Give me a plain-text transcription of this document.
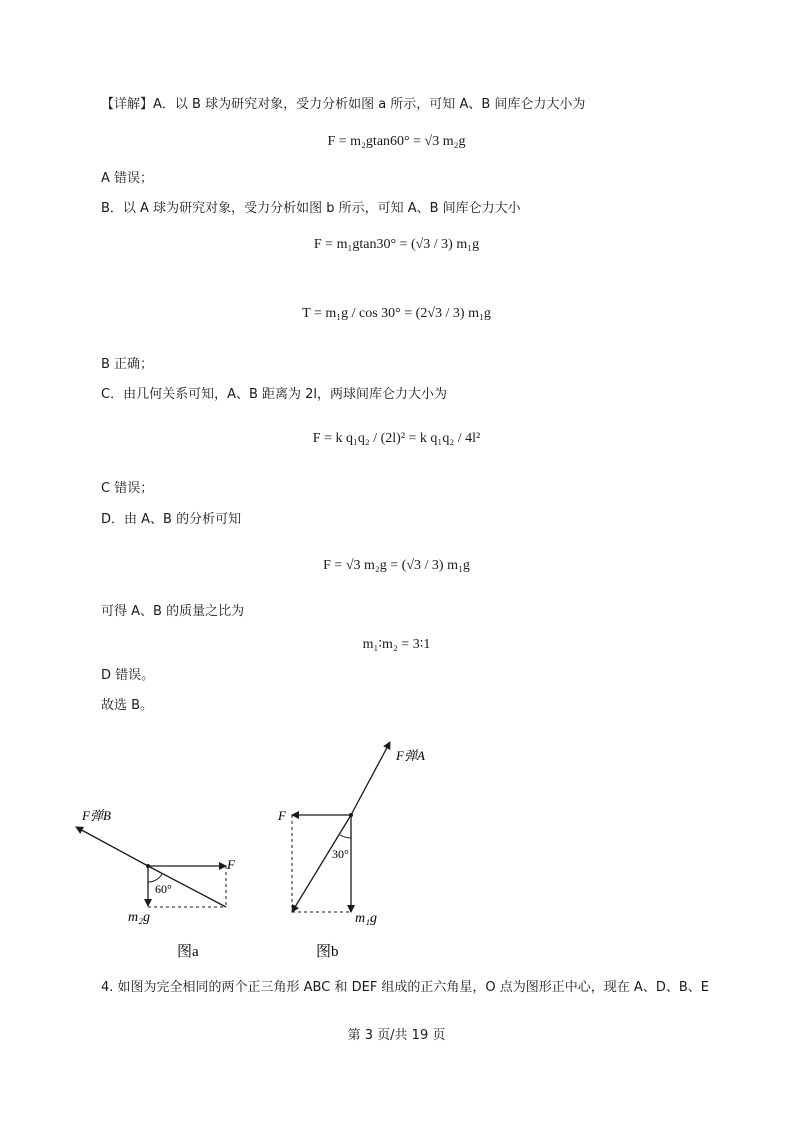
【详解】A．以 B 球为研究对象，受力分析如图 a 所示，可知 A、B 间库仑力大小为
F = m₂gtan60° = √3 m₂g
A 错误；
B．以 A 球为研究对象，受力分析如图 b 所示，可知 A、B 间库仑力大小
F = m₁gtan30° = (√3 / 3) m₁g
T = m₁g / cos 30° = (2√3 / 3) m₁g
B 正确；
C．由几何关系可知，A、B 距离为 2l，两球间库仑力大小为
F = k q₁q₂ / (2l)² = k q₁q₂ / 4l²
C 错误；
D．由 A、B 的分析可知
F = √3 m₂g = (√3 / 3) m₁g
可得 A、B 的质量之比为
m₁∶m₂ = 3∶1
D 错误。
故选 B。
60°
F弹B
F
m₂g
图a
30°
F弹A
F
m₁g
图b
4. 如图为完全相同的两个正三角形 ABC 和 DEF 组成的正六角星，O 点为图形正中心，现在 A、D、B、E
第 3 页/共 19 页
